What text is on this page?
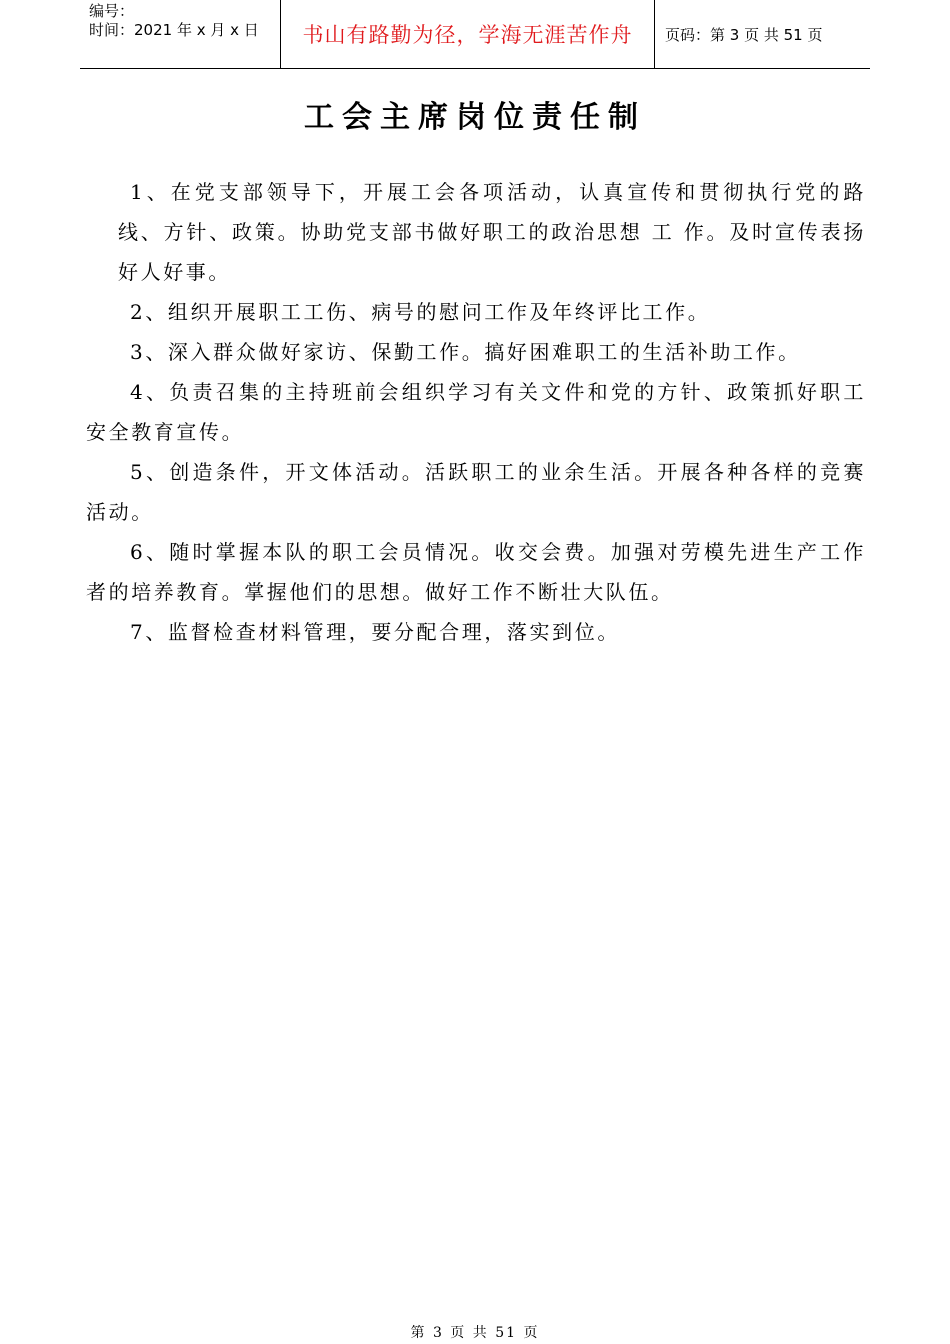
编号：
时间：2021 年 x 月 x 日 书山有路勤为径，学海无涯苦作舟	页码：第 3 页 共 51 页
工会主席岗位责任制

1、在党支部领导下，开展工会各项活动，认真宣传和贯彻执行党的路线、方针、政策。协助党支部书做好职工的政治思想 工 作。及时宣传表扬好人好事。

2、组织开展职工工伤、病号的慰问工作及年终评比工作。

3、深入群众做好家访、保勤工作。搞好困难职工的生活补助工作。

4、负责召集的主持班前会组织学习有关文件和党的方针、政策抓好职工安全教育宣传。

5、创造条件，开文体活动。活跃职工的业余生活。开展各种各样的竞赛活动。

6、随时掌握本队的职工会员情况。收交会费。加强对劳模先进生产工作者的培养教育。掌握他们的思想。做好工作不断壮大队伍。

7、监督检查材料管理，要分配合理，落实到位。

第 3 页 共 51 页
